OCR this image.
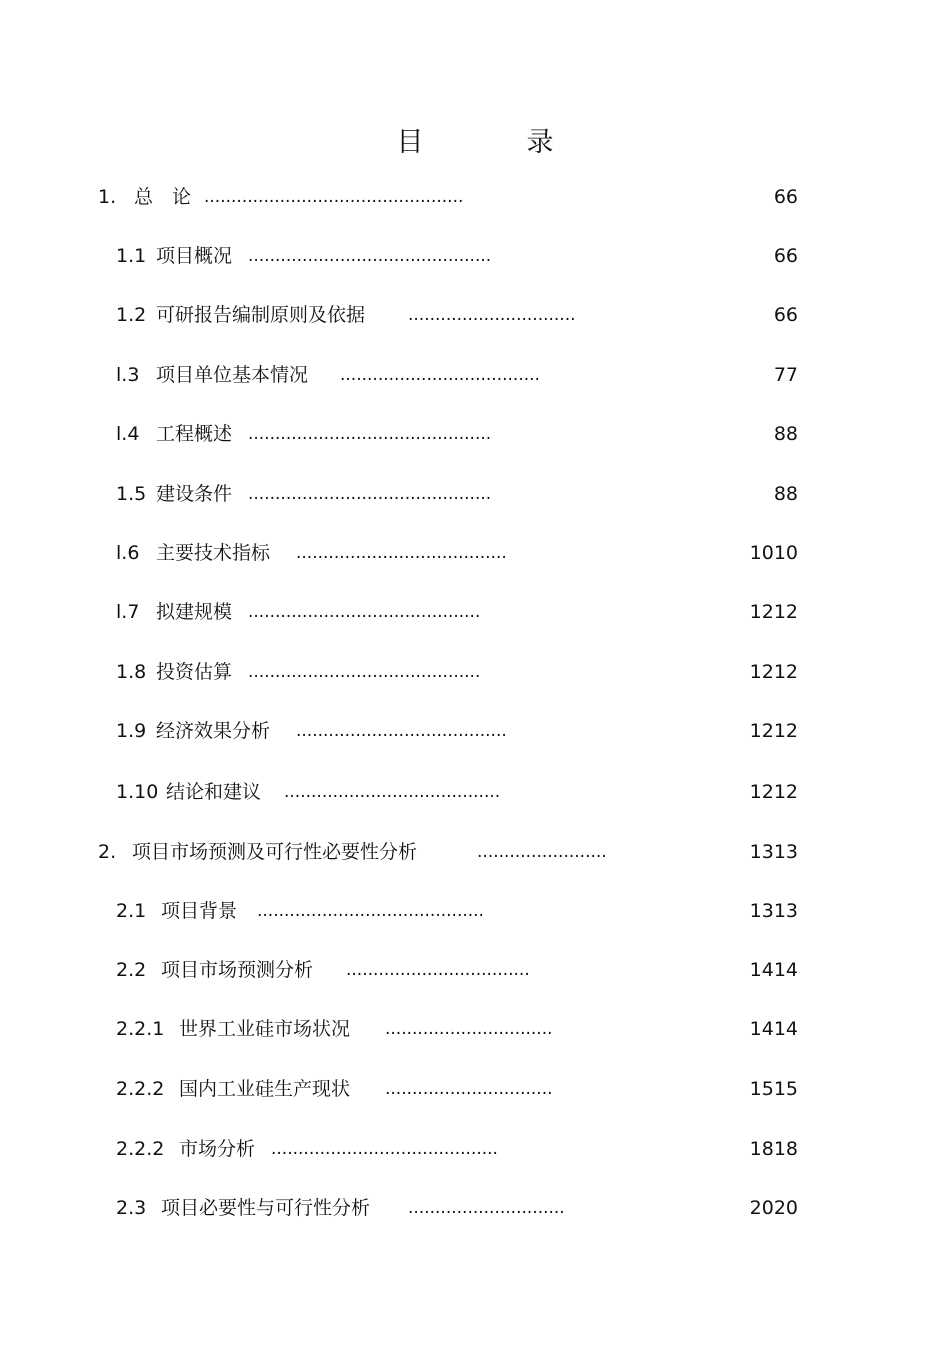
目　录
1. 总　论 ................................................	66
1.1 项目概况 .............................................	66
1.2 可研报告编制原则及依据	...............................	66
l.3 项目单位基本情况 .....................................	77
l.4 工程概述 .............................................	88
1.5 建设条件 .............................................	88
l.6 主要技术指标 .......................................	1010
l.7 拟建规模 ...........................................	1212
1.8 投资估算 ...........................................	1212
1.9 经济效果分析 .......................................	1212
1.10 结论和建议 ........................................	1212
2. 项目市场预测及可行性必要性分析	........................	1313
2.1 项目背景 ..........................................	1313
2.2 项目市场预测分析 ..................................	1414
2.2.1 世界工业硅市场状况 ...............................	1414
2.2.2 国内工业硅生产现状 ...............................	1515
2.2.2 市场分析 ..........................................	1818
2.3 项目必要性与可行性分析 .............................	2020
